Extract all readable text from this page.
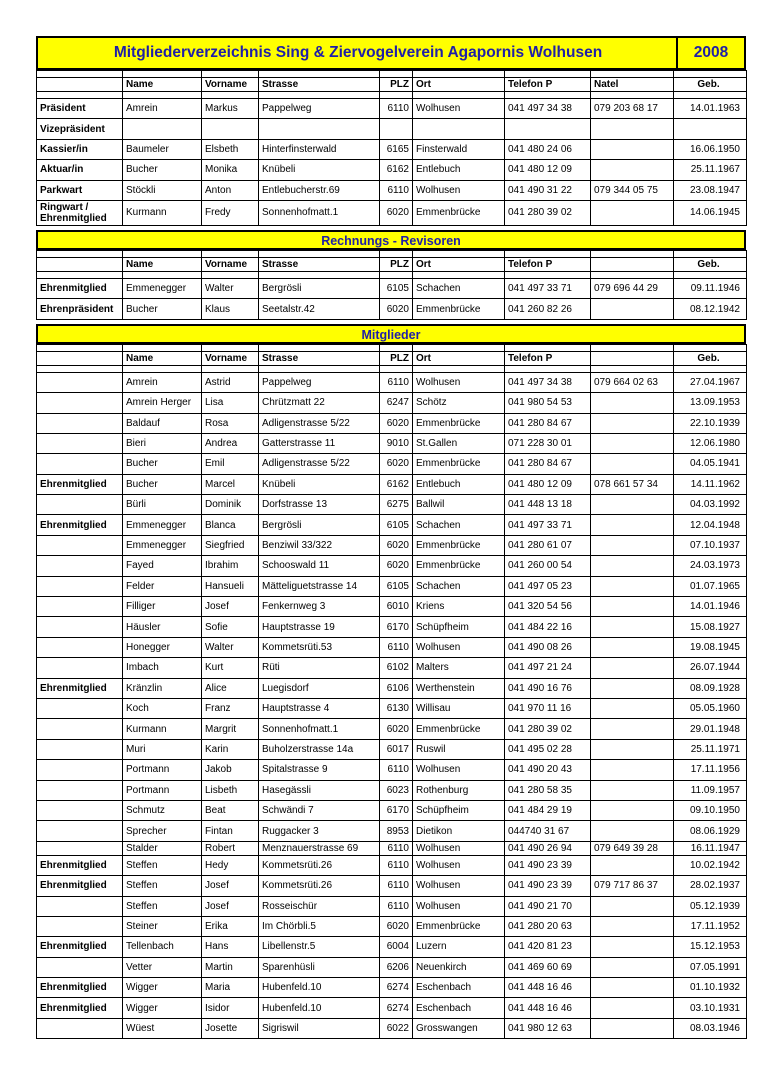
Mitgliederverzeichnis Sing & Ziervogelverein Agapornis Wolhusen	2008

	Name	Vorname	Strasse	PLZ	Ort	Telefon P	Natel	Geb.

Präsident	Amrein	Markus	Pappelweg	6110	Wolhusen	041 497 34 38	079 203 68 17	14.01.1963
Vizepräsident								
Kassier/in	Baumeler	Elsbeth	Hinterfinsterwald	6165	Finsterwald	041 480 24 06		16.06.1950
Aktuar/in	Bucher	Monika	Knübeli	6162	Entlebuch	041 480 12 09		25.11.1967
Parkwart	Stöckli	Anton	Entlebucherstr.69	6110	Wolhusen	041 490 31 22	079 344 05 75	23.08.1947
Ringwart /
Ehrenmitglied	Kurmann	Fredy	Sonnenhofmatt.1	6020	Emmenbrücke	041 280 39 02		14.06.1945
Rechnungs - Revisoren

	Name	Vorname	Strasse	PLZ	Ort	Telefon P		Geb.

Ehrenmitglied	Emmenegger	Walter	Bergrösli	6105	Schachen	041 497 33 71	079 696 44 29	09.11.1946
Ehrenpräsident	Bucher	Klaus	Seetalstr.42	6020	Emmenbrücke	041 260 82 26		08.12.1942
Mitglieder

	Name	Vorname	Strasse	PLZ	Ort	Telefon P		Geb.

	Amrein	Astrid	Pappelweg	6110	Wolhusen	041 497 34 38	079 664 02 63	27.04.1967
	Amrein Herger	Lisa	Chrützmatt 22	6247	Schötz	041 980 54 53		13.09.1953
	Baldauf	Rosa	Adligenstrasse 5/22	6020	Emmenbrücke	041 280 84 67		22.10.1939
	Bieri	Andrea	Gatterstrasse 11	9010	St.Gallen	071 228 30 01		12.06.1980
	Bucher	Emil	Adligenstrasse 5/22	6020	Emmenbrücke	041 280 84 67		04.05.1941
Ehrenmitglied	Bucher	Marcel	Knübeli	6162	Entlebuch	041 480 12 09	078 661 57 34	14.11.1962
	Bürli	Dominik	Dorfstrasse 13	6275	Ballwil	041 448 13 18		04.03.1992
Ehrenmitglied	Emmenegger	Blanca	Bergrösli	6105	Schachen	041 497 33 71		12.04.1948
	Emmenegger	Siegfried	Benziwil 33/322	6020	Emmenbrücke	041 280 61 07		07.10.1937
	Fayed	Ibrahim	Schooswald 11	6020	Emmenbrücke	041 260 00 54		24.03.1973
	Felder	Hansueli	Mätteliguetstrasse 14	6105	Schachen	041 497 05 23		01.07.1965
	Filliger	Josef	Fenkernweg 3	6010	Kriens	041 320 54 56		14.01.1946
	Häusler	Sofie	Hauptstrasse 19	6170	Schüpfheim	041 484 22 16		15.08.1927
	Honegger	Walter	Kommetsrüti.53	6110	Wolhusen	041 490 08 26		19.08.1945
	Imbach	Kurt	Rüti	6102	Malters	041 497 21 24		26.07.1944
Ehrenmitglied	Kränzlin	Alice	Luegisdorf	6106	Werthenstein	041 490 16 76		08.09.1928
	Koch	Franz	Hauptstrasse 4	6130	Willisau	041 970 11 16		05.05.1960
	Kurmann	Margrit	Sonnenhofmatt.1	6020	Emmenbrücke	041 280 39 02		29.01.1948
	Muri	Karin	Buholzerstrasse 14a	6017	Ruswil	041 495 02 28		25.11.1971
	Portmann	Jakob	Spitalstrasse 9	6110	Wolhusen	041 490 20 43		17.11.1956
	Portmann	Lisbeth	Hasegässli	6023	Rothenburg	041 280 58 35		11.09.1957
	Schmutz	Beat	Schwändi 7	6170	Schüpfheim	041 484 29 19		09.10.1950
	Sprecher	Fintan	Ruggacker 3	8953	Dietikon	044740 31 67		08.06.1929
	Stalder	Robert	Menznauerstrasse 69	6110	Wolhusen	041 490 26 94	079 649 39 28	16.11.1947
Ehrenmitglied	Steffen	Hedy	Kommetsrüti.26	6110	Wolhusen	041 490 23 39		10.02.1942
Ehrenmitglied	Steffen	Josef	Kommetsrüti.26	6110	Wolhusen	041 490 23 39	079 717 86 37	28.02.1937
	Steffen	Josef	Rosseischür	6110	Wolhusen	041 490 21 70		05.12.1939
	Steiner	Erika	Im Chörbli.5	6020	Emmenbrücke	041 280 20 63		17.11.1952
Ehrenmitglied	Tellenbach	Hans	Libellenstr.5	6004	Luzern	041 420 81 23		15.12.1953
	Vetter	Martin	Sparenhüsli	6206	Neuenkirch	041 469 60 69		07.05.1991
Ehrenmitglied	Wigger	Maria	Hubenfeld.10	6274	Eschenbach	041 448 16 46		01.10.1932
Ehrenmitglied	Wigger	Isidor	Hubenfeld.10	6274	Eschenbach	041 448 16 46		03.10.1931
	Wüest	Josette	Sigriswil	6022	Grosswangen	041 980 12 63		08.03.1946
